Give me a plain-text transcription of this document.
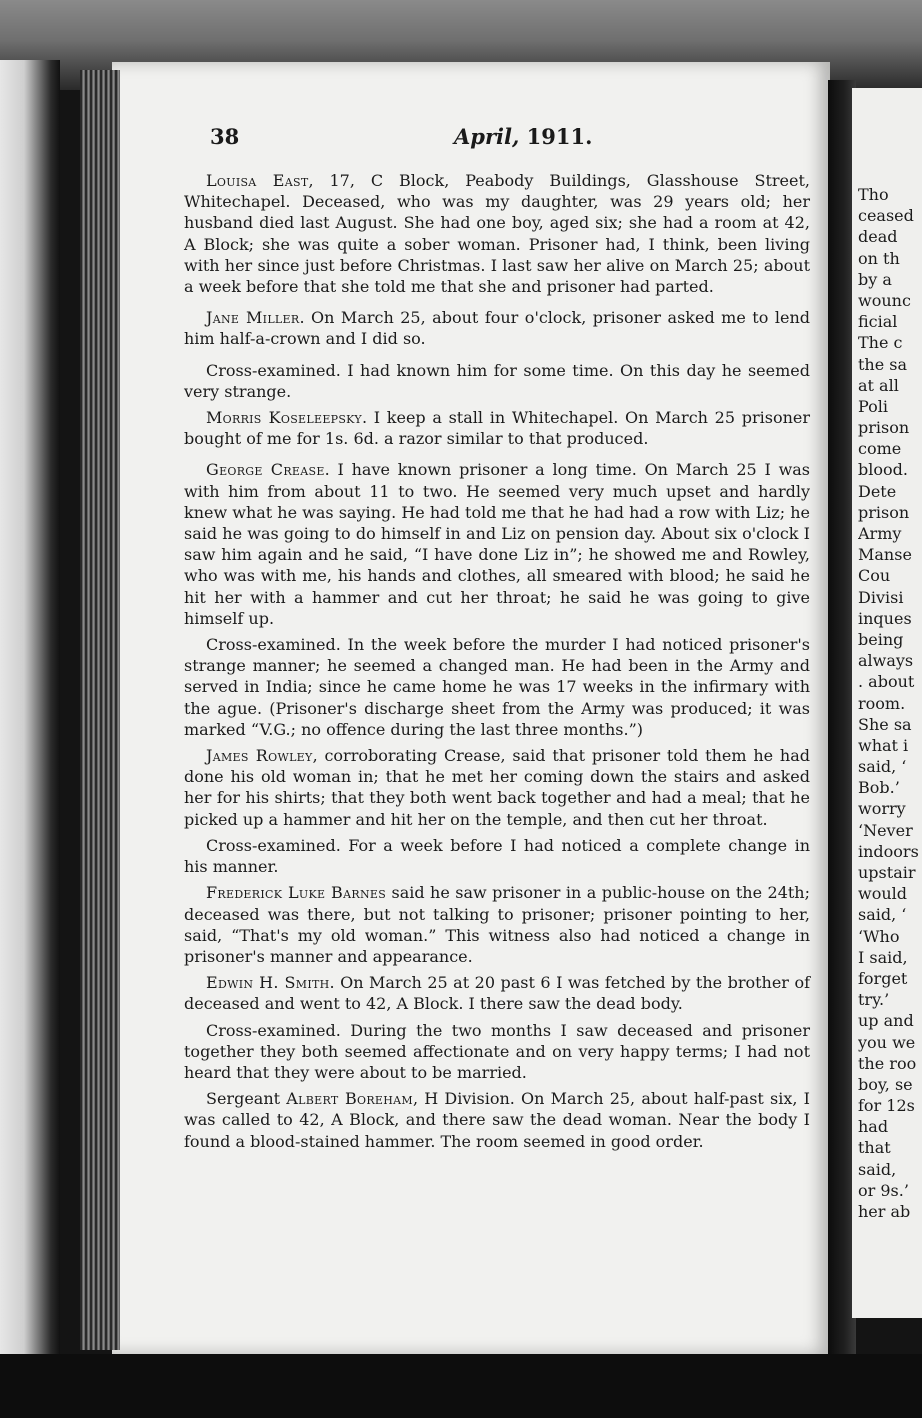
Tho
ceased
dead
on th
by a
wounc
ficial
The c
the sa
at all
Poli
prison
come
blood.
Dete
prison
Army
Manse
Cou
Divisi
inques
being
always
. about
room.
She sa
what i
said, ‘
Bob.’
worry
‘Never
indoors
upstair
would
said, ‘
‘Who
I said,
forget
try.’
up and
you we
the roo
boy, se
for 12s
had
that
said,
or 9s.’
her ab
38	April, 1911.

Louisa East, 17, C Block, Peabody Buildings, Glasshouse Street, Whitechapel. Deceased, who was my daughter, was 29 years old; her husband died last August. She had one boy, aged six; she had a room at 42, A Block; she was quite a sober woman. Prisoner had, I think, been living with her since just before Christmas. I last saw her alive on March 25; about a week before that she told me that she and prisoner had parted.

Jane Miller. On March 25, about four o'clock, prisoner asked me to lend him half-a-crown and I did so.

Cross-examined. I had known him for some time. On this day he seemed very strange.

Morris Koseleepsky. I keep a stall in Whitechapel. On March 25 prisoner bought of me for 1s. 6d. a razor similar to that produced.

George Crease. I have known prisoner a long time. On March 25 I was with him from about 11 to two. He seemed very much upset and hardly knew what he was saying. He had told me that he had had a row with Liz; he said he was going to do himself in and Liz on pension day. About six o'clock I saw him again and he said, “I have done Liz in”; he showed me and Rowley, who was with me, his hands and clothes, all smeared with blood; he said he hit her with a hammer and cut her throat; he said he was going to give himself up.

Cross-examined. In the week before the murder I had noticed prisoner's strange manner; he seemed a changed man. He had been in the Army and served in India; since he came home he was 17 weeks in the infirmary with the ague. (Prisoner's discharge sheet from the Army was produced; it was marked “V.G.; no offence during the last three months.”)

James Rowley, corroborating Crease, said that prisoner told them he had done his old woman in; that he met her coming down the stairs and asked her for his shirts; that they both went back together and had a meal; that he picked up a hammer and hit her on the temple, and then cut her throat.

Cross-examined. For a week before I had noticed a complete change in his manner.

Frederick Luke Barnes said he saw prisoner in a public-house on the 24th; deceased was there, but not talking to prisoner; prisoner pointing to her, said, “That's my old woman.” This witness also had noticed a change in prisoner's manner and appearance.

Edwin H. Smith. On March 25 at 20 past 6 I was fetched by the brother of deceased and went to 42, A Block. I there saw the dead body.

Cross-examined. During the two months I saw deceased and prisoner together they both seemed affectionate and on very happy terms; I had not heard that they were about to be married.

Sergeant Albert Boreham, H Division. On March 25, about half-past six, I was called to 42, A Block, and there saw the dead woman. Near the body I found a blood-stained hammer. The room seemed in good order.
